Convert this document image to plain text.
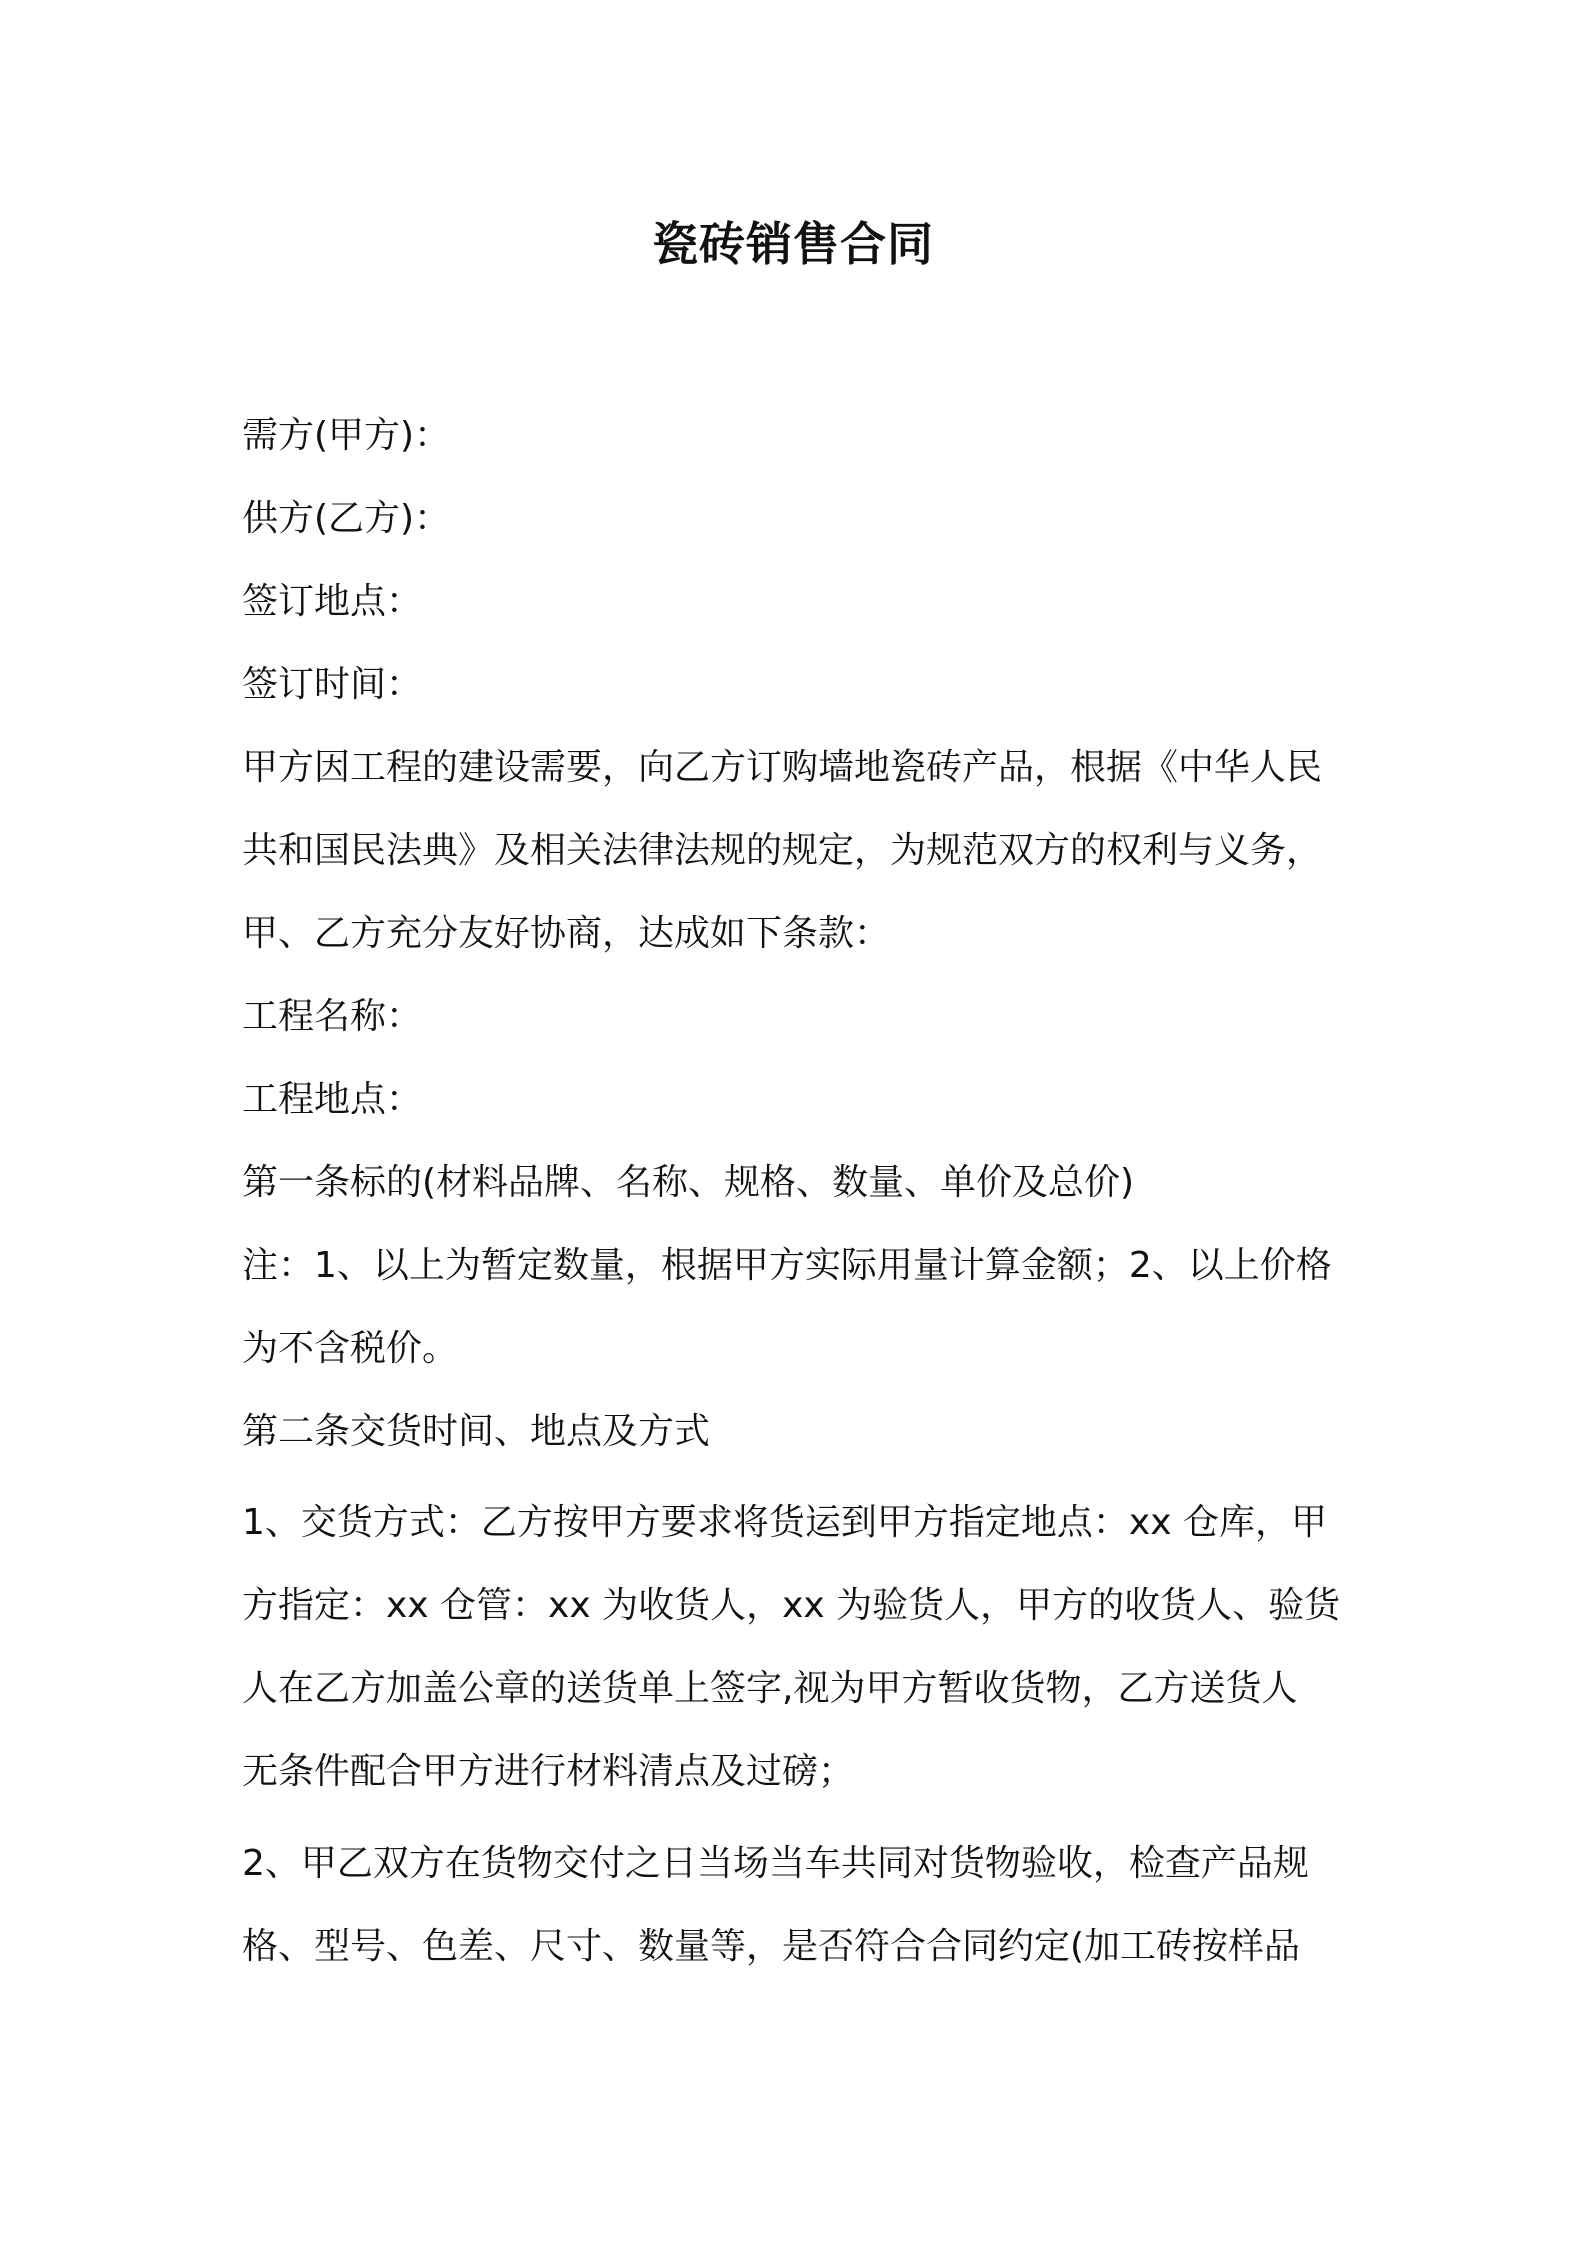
瓷砖销售合同
需方(甲方)：
供方(乙方)：
签订地点：
签订时间：
甲方因工程的建设需要，向乙方订购墙地瓷砖产品，根据《中华人民
共和国民法典》及相关法律法规的规定，为规范双方的权利与义务，
甲、乙方充分友好协商，达成如下条款：
工程名称：
工程地点：
第一条标的(材料品牌、名称、规格、数量、单价及总价)
注：1、以上为暂定数量，根据甲方实际用量计算金额；2、以上价格
为不含税价。
第二条交货时间、地点及方式
1、交货方式：乙方按甲方要求将货运到甲方指定地点：xx 仓库，甲
方指定：xx 仓管：xx 为收货人，xx 为验货人，甲方的收货人、验货
人在乙方加盖公章的送货单上签字,视为甲方暂收货物，乙方送货人
无条件配合甲方进行材料清点及过磅；
2、甲乙双方在货物交付之日当场当车共同对货物验收，检查产品规
格、型号、色差、尺寸、数量等，是否符合合同约定(加工砖按样品
